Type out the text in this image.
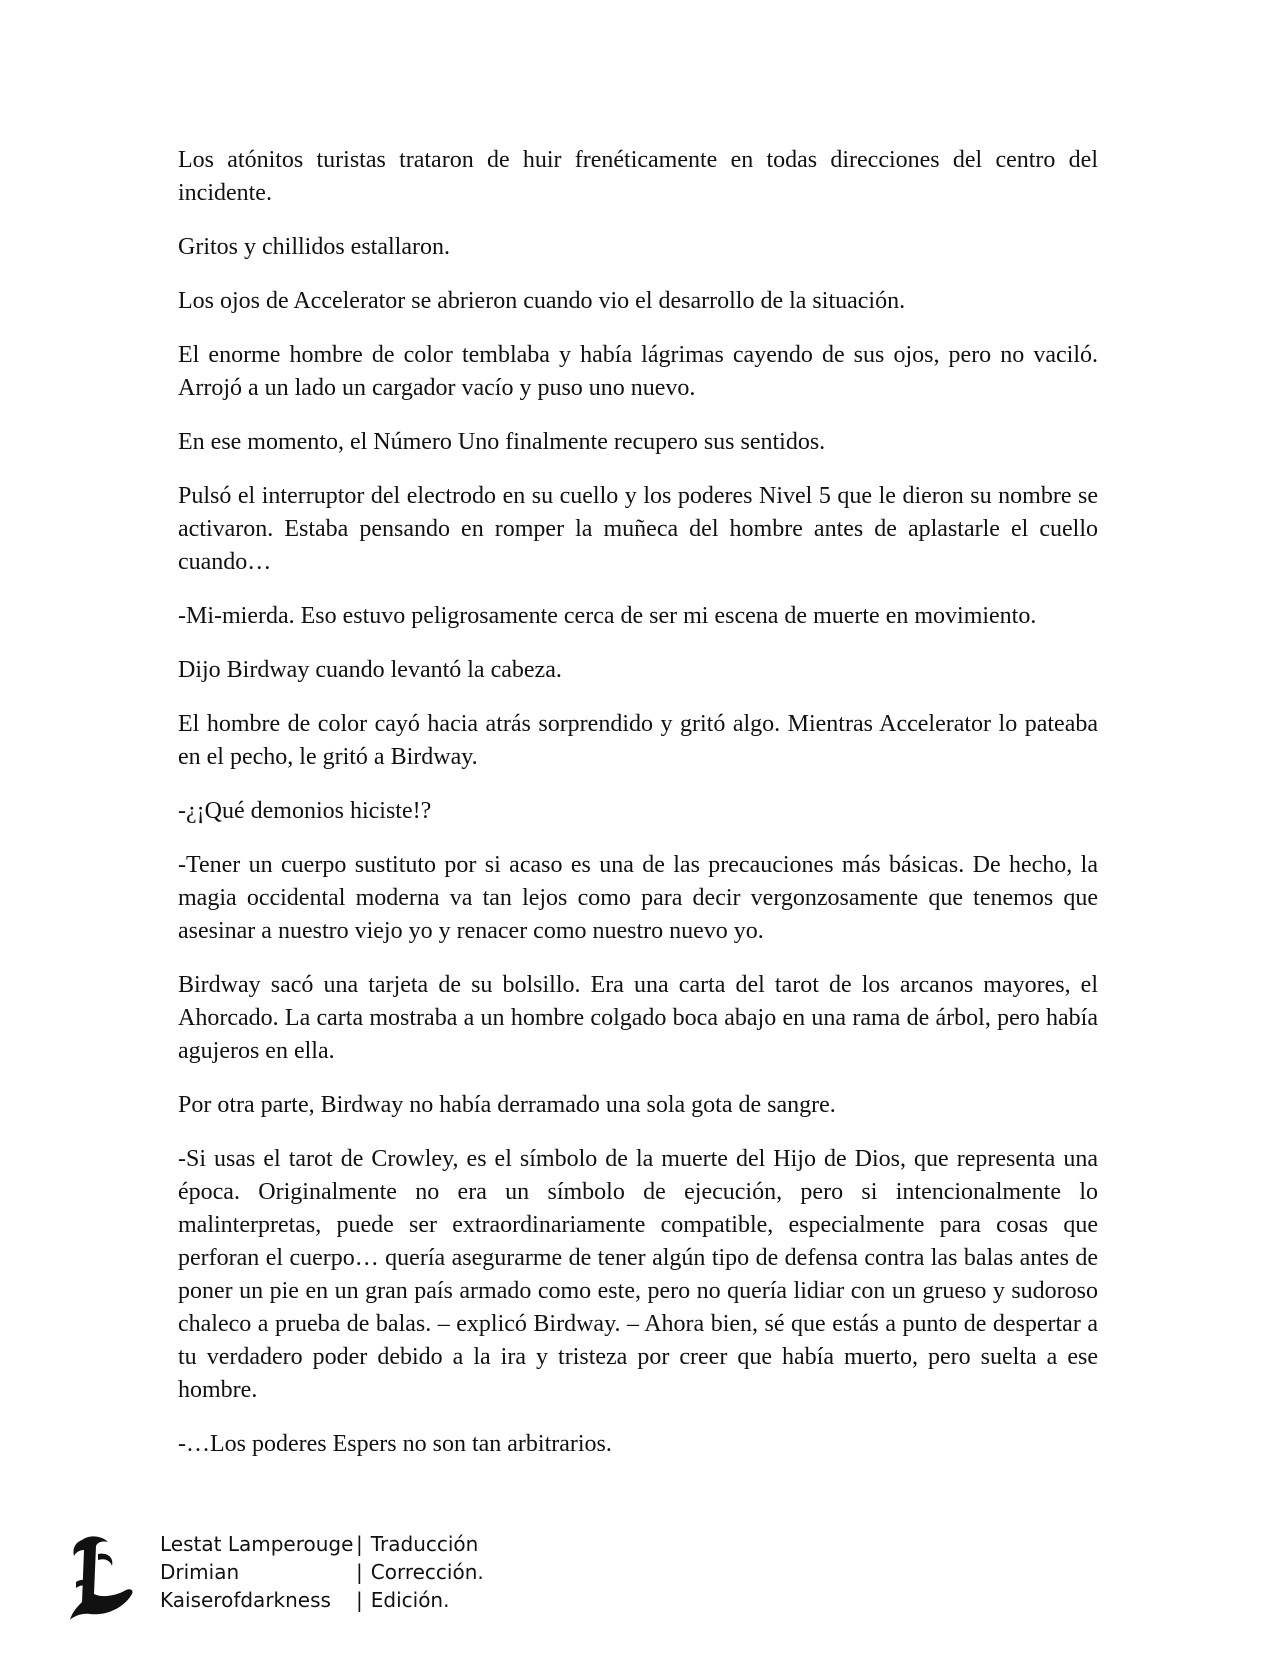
Los atónitos turistas trataron de huir frenéticamente en todas direcciones del centro del incidente.

Gritos y chillidos estallaron.

Los ojos de Accelerator se abrieron cuando vio el desarrollo de la situación.

El enorme hombre de color temblaba y había lágrimas cayendo de sus ojos, pero no vaciló. Arrojó a un lado un cargador vacío y puso uno nuevo.

En ese momento, el Número Uno finalmente recupero sus sentidos.

Pulsó el interruptor del electrodo en su cuello y los poderes Nivel 5 que le dieron su nombre se activaron. Estaba pensando en romper la muñeca del hombre antes de aplastarle el cuello cuando…

-Mi-mierda. Eso estuvo peligrosamente cerca de ser mi escena de muerte en movimiento.

Dijo Birdway cuando levantó la cabeza.

El hombre de color cayó hacia atrás sorprendido y gritó algo. Mientras Accelerator lo pateaba en el pecho, le gritó a Birdway.

-¿¡Qué demonios hiciste!?

-Tener un cuerpo sustituto por si acaso es una de las precauciones más básicas. De hecho, la magia occidental moderna va tan lejos como para decir vergonzosamente que tenemos que asesinar a nuestro viejo yo y renacer como nuestro nuevo yo.

Birdway sacó una tarjeta de su bolsillo. Era una carta del tarot de los arcanos mayores, el Ahorcado. La carta mostraba a un hombre colgado boca abajo en una rama de árbol, pero había agujeros en ella.

Por otra parte, Birdway no había derramado una sola gota de sangre.

-Si usas el tarot de Crowley, es el símbolo de la muerte del Hijo de Dios, que representa una época. Originalmente no era un símbolo de ejecución, pero si intencionalmente lo malinterpretas, puede ser extraordinariamente compatible, especialmente para cosas que perforan el cuerpo… quería asegurarme de tener algún tipo de defensa contra las balas antes de poner un pie en un gran país armado como este, pero no quería lidiar con un grueso y sudoroso chaleco a prueba de balas. – explicó Birdway. – Ahora bien, sé que estás a punto de despertar a tu verdadero poder debido a la ira y tristeza por creer que había muerto, pero suelta a ese hombre.

-…Los poderes Espers no son tan arbitrarios.

Lestat Lamperouge | Traducción
Drimian	| Corrección.
Kaiserofdarkness	| Edición.
